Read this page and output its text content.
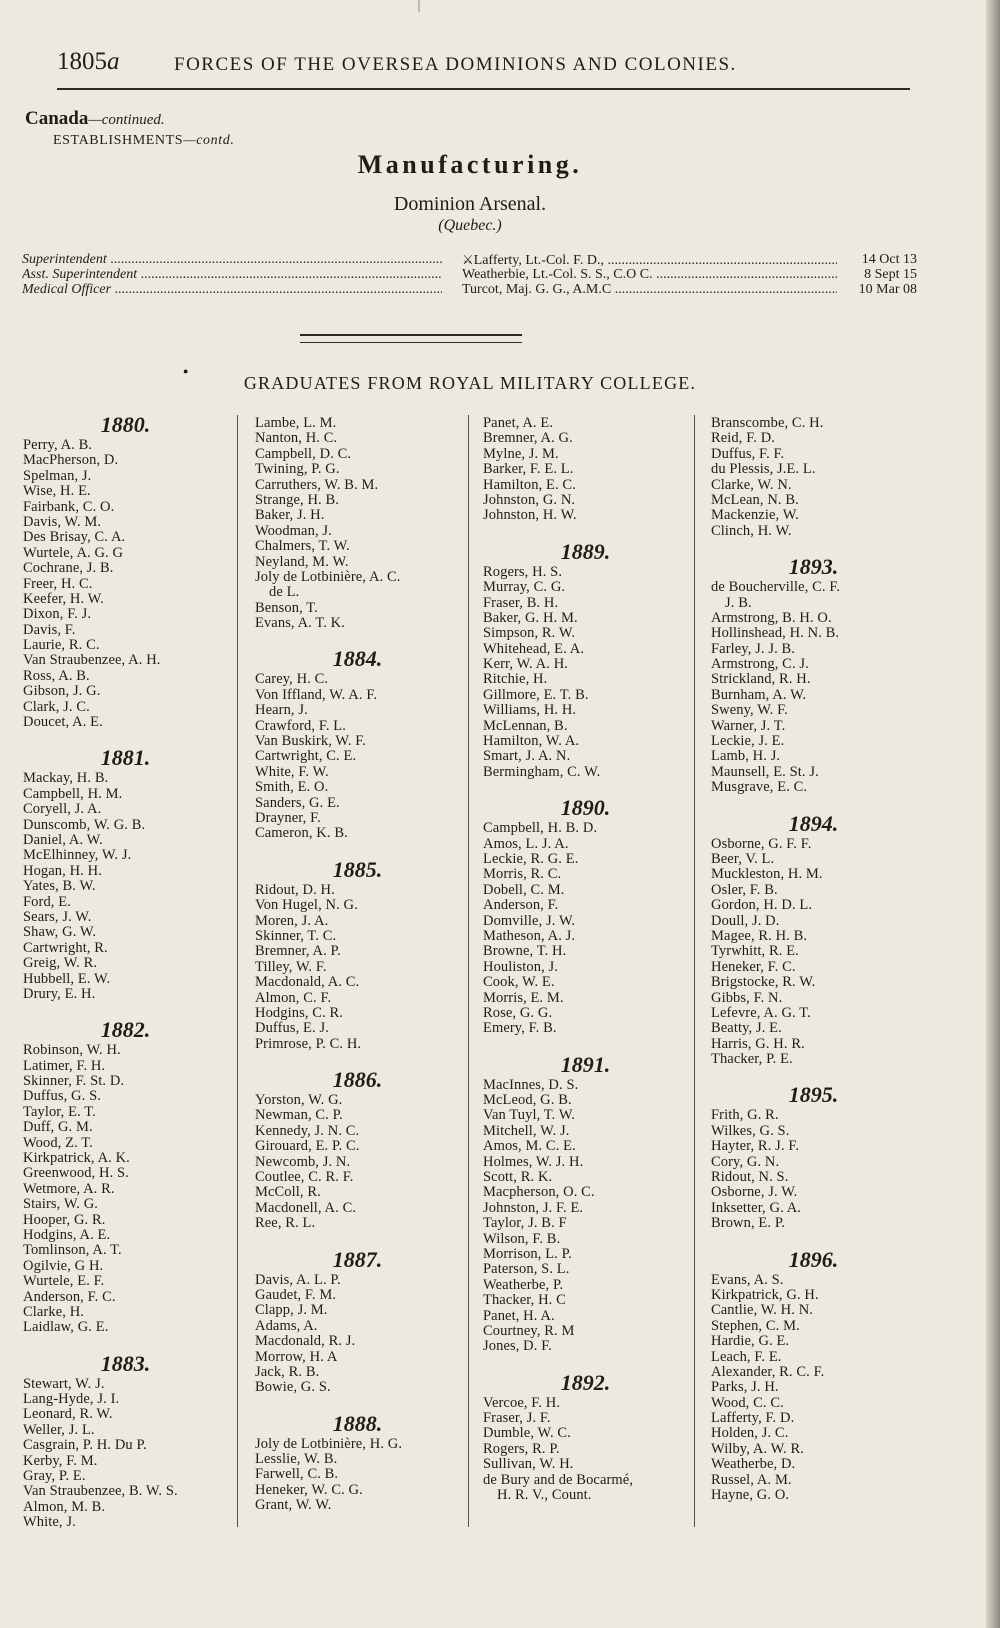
1805a	FORCES OF THE OVERSEA DOMINIONS AND COLONIES.
Canada—continued.
ESTABLISHMENTS—contd.
Manufacturing.
Dominion Arsenal.
(Quebec.)
Superintendent .....	⚔Lafferty, Lt.-Col. F. D., .....	14 Oct 13
Asst. Superintendent .....	Weatherbie, Lt.-Col. S. S., C.O C. .....	8 Sept 15
Medical Officer .....	Turcot, Maj. G. G., A.M.C .....	10 Mar 08
●
GRADUATES FROM ROYAL MILITARY COLLEGE.
1880.
Perry, A. B.
MacPherson, D.
Spelman, J.
Wise, H. E.
Fairbank, C. O.
Davis, W. M.
Des Brisay, C. A.
Wurtele, A. G. G
Cochrane, J. B.
Freer, H. C.
Keefer, H. W.
Dixon, F. J.
Davis, F.
Laurie, R. C.
Van Straubenzee, A. H.
Ross, A. B.
Gibson, J. G.
Clark, J. C.
Doucet, A. E.
1881.
Mackay, H. B.
Campbell, H. M.
Coryell, J. A.
Dunscomb, W. G. B.
Daniel, A. W.
McElhinney, W. J.
Hogan, H. H.
Yates, B. W.
Ford, E.
Sears, J. W.
Shaw, G. W.
Cartwright, R.
Greig, W. R.
Hubbell, E. W.
Drury, E. H.
1882.
Robinson, W. H.
Latimer, F. H.
Skinner, F. St. D.
Duffus, G. S.
Taylor, E. T.
Duff, G. M.
Wood, Z. T.
Kirkpatrick, A. K.
Greenwood, H. S.
Wetmore, A. R.
Stairs, W. G.
Hooper, G. R.
Hodgins, A. E.
Tomlinson, A. T.
Ogilvie, G H.
Wurtele, E. F.
Anderson, F. C.
Clarke, H.
Laidlaw, G. E.
1883.
Stewart, W. J.
Lang-Hyde, J. I.
Leonard, R. W.
Weller, J. L.
Casgrain, P. H. Du P.
Kerby, F. M.
Gray, P. E.
Van Straubenzee, B. W. S.
Almon, M. B.
White, J.
Lambe, L. M.
Nanton, H. C.
Campbell, D. C.
Twining, P. G.
Carruthers, W. B. M.
Strange, H. B.
Baker, J. H.
Woodman, J.
Chalmers, T. W.
Neyland, M. W.
Joly de Lotbinière, A. C.
de L.
Benson, T.
Evans, A. T. K.
1884.
Carey, H. C.
Von Iffland, W. A. F.
Hearn, J.
Crawford, F. L.
Van Buskirk, W. F.
Cartwright, C. E.
White, F. W.
Smith, E. O.
Sanders, G. E.
Drayner, F.
Cameron, K. B.
1885.
Ridout, D. H.
Von Hugel, N. G.
Moren, J. A.
Skinner, T. C.
Bremner, A. P.
Tilley, W. F.
Macdonald, A. C.
Almon, C. F.
Hodgins, C. R.
Duffus, E. J.
Primrose, P. C. H.
1886.
Yorston, W. G.
Newman, C. P.
Kennedy, J. N. C.
Girouard, E. P. C.
Newcomb, J. N.
Coutlee, C. R. F.
McColl, R.
Macdonell, A. C.
Ree, R. L.
1887.
Davis, A. L. P.
Gaudet, F. M.
Clapp, J. M.
Adams, A.
Macdonald, R. J.
Morrow, H. A
Jack, R. B.
Bowie, G. S.
1888.
Joly de Lotbinière, H. G.
Lesslie, W. B.
Farwell, C. B.
Heneker, W. C. G.
Grant, W. W.
Panet, A. E.
Bremner, A. G.
Mylne, J. M.
Barker, F. E. L.
Hamilton, E. C.
Johnston, G. N.
Johnston, H. W.
1889.
Rogers, H. S.
Murray, C. G.
Fraser, B. H.
Baker, G. H. M.
Simpson, R. W.
Whitehead, E. A.
Kerr, W. A. H.
Ritchie, H.
Gillmore, E. T. B.
Williams, H. H.
McLennan, B.
Hamilton, W. A.
Smart, J. A. N.
Bermingham, C. W.
1890.
Campbell, H. B. D.
Amos, L. J. A.
Leckie, R. G. E.
Morris, R. C.
Dobell, C. M.
Anderson, F.
Domville, J. W.
Matheson, A. J.
Browne, T. H.
Houliston, J.
Cook, W. E.
Morris, E. M.
Rose, G. G.
Emery, F. B.
1891.
MacInnes, D. S.
McLeod, G. B.
Van Tuyl, T. W.
Mitchell, W. J.
Amos, M. C. E.
Holmes, W. J. H.
Scott, R. K.
Macpherson, O. C.
Johnston, J. F. E.
Taylor, J. B. F
Wilson, F. B.
Morrison, L. P.
Paterson, S. L.
Weatherbe, P.
Thacker, H. C
Panet, H. A.
Courtney, R. M
Jones, D. F.
1892.
Vercoe, F. H.
Fraser, J. F.
Dumble, W. C.
Rogers, R. P.
Sullivan, W. H.
de Bury and de Bocarmé,
H. R. V., Count.
Branscombe, C. H.
Reid, F. D.
Duffus, F. F.
du Plessis, J.E. L.
Clarke, W. N.
McLean, N. B.
Mackenzie, W.
Clinch, H. W.
1893.
de Boucherville, C. F.
J. B.
Armstrong, B. H. O.
Hollinshead, H. N. B.
Farley, J. J. B.
Armstrong, C. J.
Strickland, R. H.
Burnham, A. W.
Sweny, W. F.
Warner, J. T.
Leckie, J. E.
Lamb, H. J.
Maunsell, E. St. J.
Musgrave, E. C.
1894.
Osborne, G. F. F.
Beer, V. L.
Muckleston, H. M.
Osler, F. B.
Gordon, H. D. L.
Doull, J. D.
Magee, R. H. B.
Tyrwhitt, R. E.
Heneker, F. C.
Brigstocke, R. W.
Gibbs, F. N.
Lefevre, A. G. T.
Beatty, J. E.
Harris, G. H. R.
Thacker, P. E.
1895.
Frith, G. R.
Wilkes, G. S.
Hayter, R. J. F.
Cory, G. N.
Ridout, N. S.
Osborne, J. W.
Inksetter, G. A.
Brown, E. P.
1896.
Evans, A. S.
Kirkpatrick, G. H.
Cantlie, W. H. N.
Stephen, C. M.
Hardie, G. E.
Leach, F. E.
Alexander, R. C. F.
Parks, J. H.
Wood, C. C.
Lafferty, F. D.
Holden, J. C.
Wilby, A. W. R.
Weatherbe, D.
Russel, A. M.
Hayne, G. O.
